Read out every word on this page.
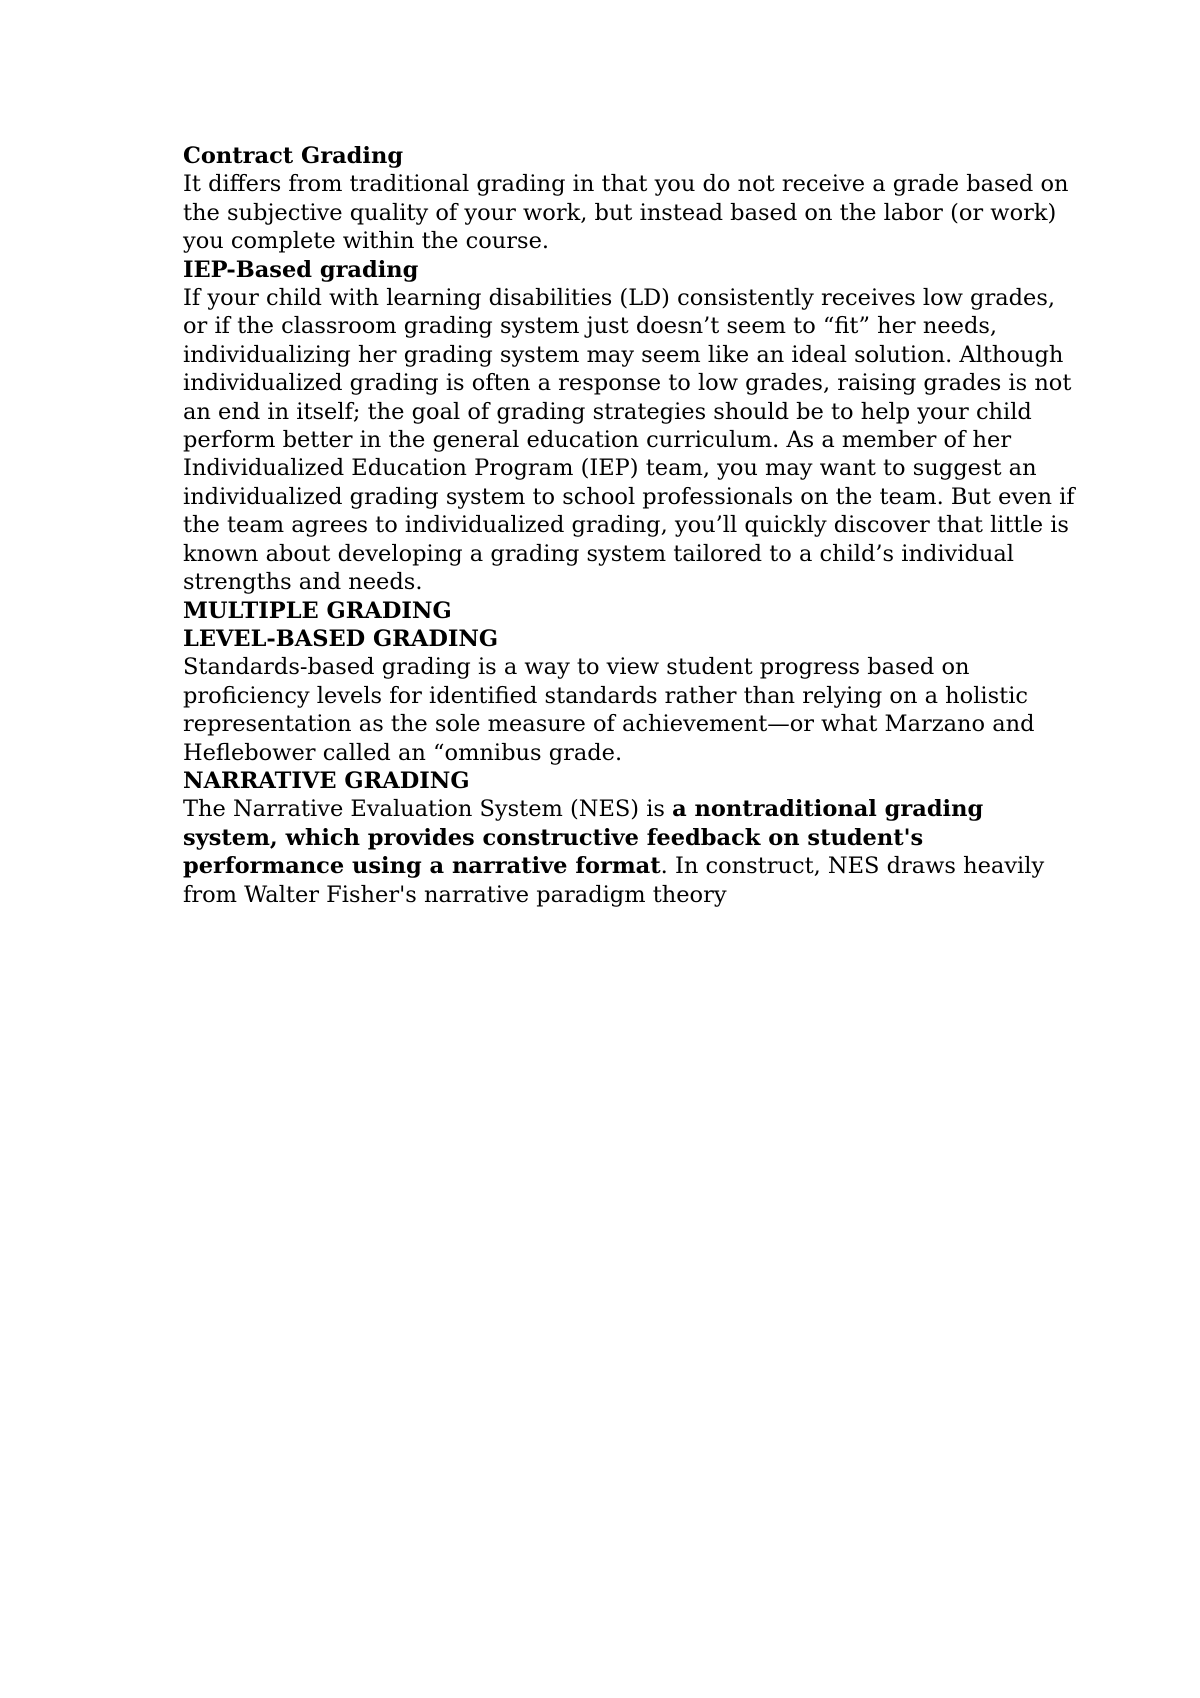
Contract Grading

It differs from traditional grading in that you do not receive a grade based on the subjective quality of your work, but instead based on the labor (or work) you complete within the course.

IEP-Based grading

If your child with learning disabilities (LD) consistently receives low grades, or if the classroom grading system just doesn’t seem to “fit” her needs, individualizing her grading system may seem like an ideal solution. Although individualized grading is often a response to low grades, raising grades is not an end in itself; the goal of grading strategies should be to help your child perform better in the general education curriculum. As a member of her Individualized Education Program (IEP) team, you may want to suggest an individualized grading system to school professionals on the team. But even if the team agrees to individualized grading, you’ll quickly discover that little is known about developing a grading system tailored to a child’s individual strengths and needs.

MULTIPLE GRADING

LEVEL-BASED GRADING

Standards-based grading is a way to view student progress based on proficiency levels for identified standards rather than relying on a holistic representation as the sole measure of achievement—or what Marzano and Heflebower called an “omnibus grade.

NARRATIVE GRADING

The Narrative Evaluation System (NES) is a nontraditional grading system, which provides constructive feedback on student's performance using a narrative format. In construct, NES draws heavily from Walter Fisher's narrative paradigm theory
